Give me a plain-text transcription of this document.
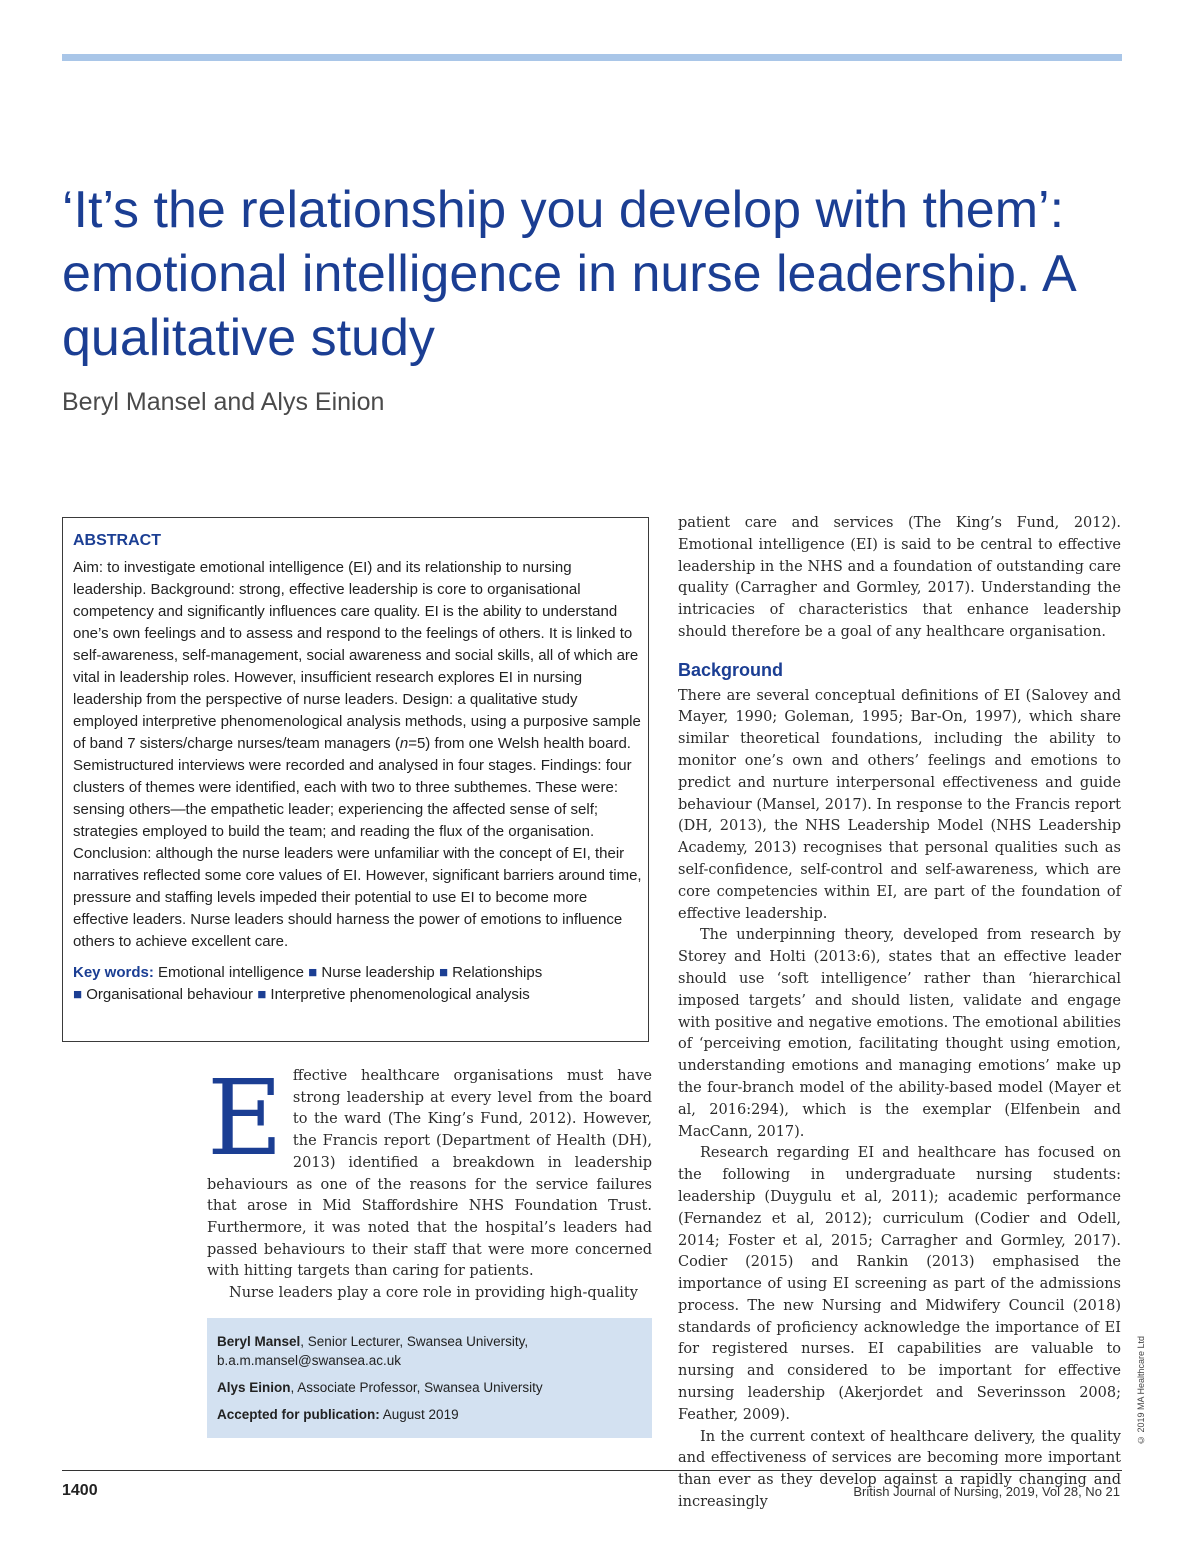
‘It’s the relationship you develop with them’: emotional intelligence in nurse leadership. A qualitative study

Beryl Mansel and Alys Einion

ABSTRACT

Aim: to investigate emotional intelligence (EI) and its relationship to nursing leadership. Background: strong, effective leadership is core to organisational competency and significantly influences care quality. EI is the ability to understand one’s own feelings and to assess and respond to the feelings of others. It is linked to self-awareness, self-management, social awareness and social skills, all of which are vital in leadership roles. However, insufficient research explores EI in nursing leadership from the perspective of nurse leaders. Design: a qualitative study employed interpretive phenomenological analysis methods, using a purposive sample of band 7 sisters/charge nurses/team managers (n=5) from one Welsh health board. Semistructured interviews were recorded and analysed in four stages. Findings: four clusters of themes were identified, each with two to three subthemes. These were: sensing others—the empathetic leader; experiencing the affected sense of self; strategies employed to build the team; and reading the flux of the organisation. Conclusion: although the nurse leaders were unfamiliar with the concept of EI, their narratives reflected some core values of EI. However, significant barriers around time, pressure and staffing levels impeded their potential to use EI to become more effective leaders. Nurse leaders should harness the power of emotions to influence others to achieve excellent care.

Key words: Emotional intelligence ■ Nurse leadership ■ Relationships
■ Organisational behaviour ■ Interpretive phenomenological analysis

E ffective healthcare organisations must have strong leadership at every level from the board to the ward (The King’s Fund, 2012). However, the Francis report (Department of Health (DH), 2013) identified a breakdown in leadership behaviours as one of the reasons for the service failures that arose in Mid Staffordshire NHS Foundation Trust. Furthermore, it was noted that the hospital’s leaders had passed behaviours to their staff that were more concerned with hitting targets than caring for patients.

Nurse leaders play a core role in providing high-quality

Beryl Mansel, Senior Lecturer, Swansea University,
b.a.m.mansel@swansea.ac.uk

Alys Einion, Associate Professor, Swansea University

Accepted for publication: August 2019

patient care and services (The King’s Fund, 2012). Emotional intelligence (EI) is said to be central to effective leadership in the NHS and a foundation of outstanding care quality (Carragher and Gormley, 2017). Understanding the intricacies of characteristics that enhance leadership should therefore be a goal of any healthcare organisation.

Background

There are several conceptual definitions of EI (Salovey and Mayer, 1990; Goleman, 1995; Bar-On, 1997), which share similar theoretical foundations, including the ability to monitor one’s own and others’ feelings and emotions to predict and nurture interpersonal effectiveness and guide behaviour (Mansel, 2017). In response to the Francis report (DH, 2013), the NHS Leadership Model (NHS Leadership Academy, 2013) recognises that personal qualities such as self-confidence, self-control and self-awareness, which are core competencies within EI, are part of the foundation of effective leadership.

The underpinning theory, developed from research by Storey and Holti (2013:6), states that an effective leader should use ‘soft intelligence’ rather than ‘hierarchical imposed targets’ and should listen, validate and engage with positive and negative emotions. The emotional abilities of ‘perceiving emotion, facilitating thought using emotion, understanding emotions and managing emotions’ make up the four-branch model of the ability-based model (Mayer et al, 2016:294), which is the exemplar (Elfenbein and MacCann, 2017).

Research regarding EI and healthcare has focused on the following in undergraduate nursing students: leadership (Duygulu et al, 2011); academic performance (Fernandez et al, 2012); curriculum (Codier and Odell, 2014; Foster et al, 2015; Carragher and Gormley, 2017). Codier (2015) and Rankin (2013) emphasised the importance of using EI screening as part of the admissions process. The new Nursing and Midwifery Council (2018) standards of proficiency acknowledge the importance of EI for registered nurses. EI capabilities are valuable to nursing and considered to be important for effective nursing leadership (Akerjordet and Severinsson 2008; Feather, 2009).

In the current context of healthcare delivery, the quality and effectiveness of services are becoming more important than ever as they develop against a rapidly changing and increasingly

© 2019 MA Healthcare Ltd
1400	British Journal of Nursing, 2019, Vol 28, No 21
